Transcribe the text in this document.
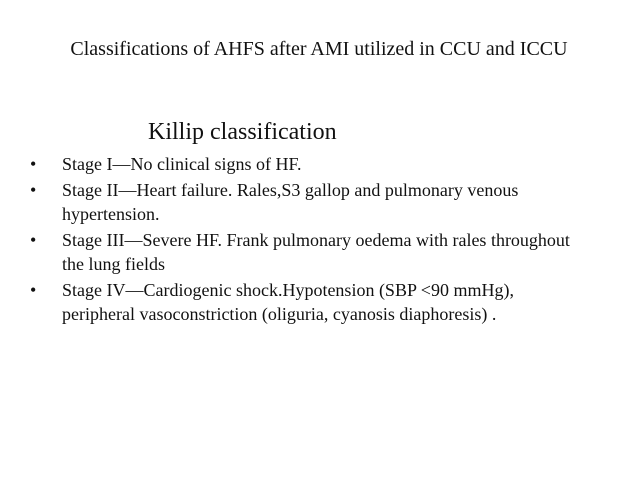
Classifications of AHFS after AMI utilized in CCU and ICCU
Killip classification
•	Stage I—No clinical signs of HF.
•	Stage II—Heart failure. Rales,S3 gallop and pulmonary venous hypertension.
•	Stage III—Severe HF. Frank pulmonary oedema with rales throughout the lung fields
•	Stage IV—Cardiogenic shock.Hypotension (SBP <90 mmHg), peripheral vasoconstriction (oliguria, cyanosis diaphoresis) .
